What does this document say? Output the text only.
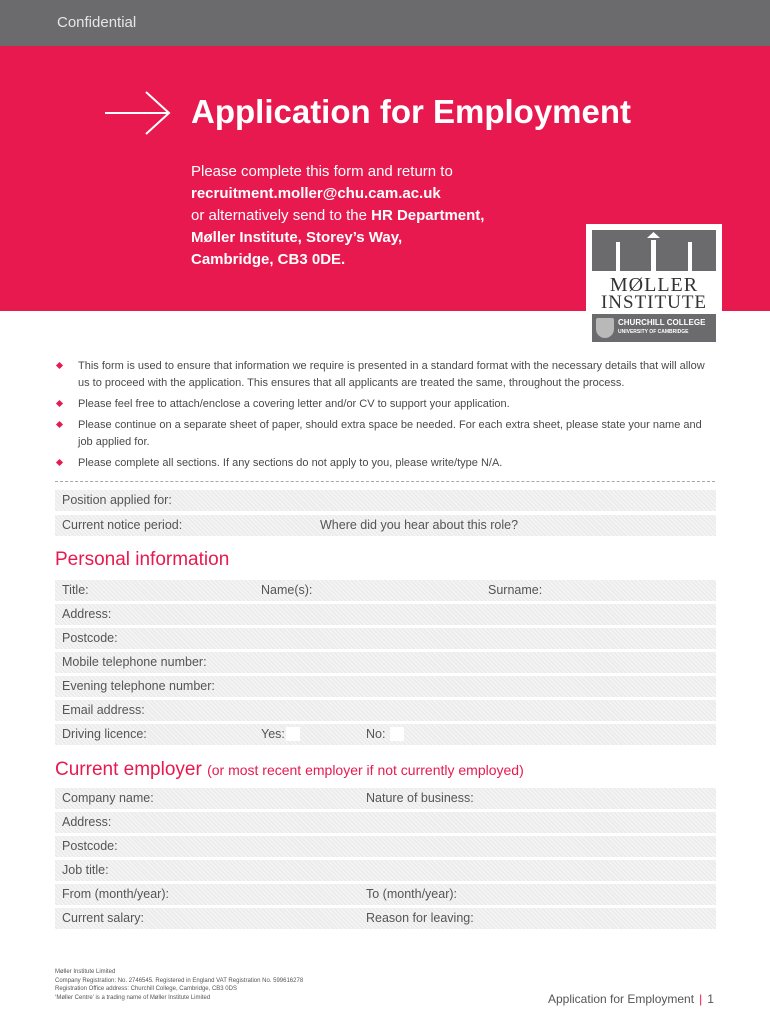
Confidential
Application for Employment
Please complete this form and return to
recruitment.moller@chu.cam.ac.uk
or alternatively send to the HR Department,
Møller Institute, Storey’s Way,
Cambridge, CB3 0DE.
MØLLER
INSTITUTE
CHURCHILL COLLEGE
UNIVERSITY OF CAMBRIDGE
This form is used to ensure that information we require is presented in a standard format with the necessary details that will allow us to proceed with the application. This ensures that all applicants are treated the same, throughout the process.
Please feel free to attach/enclose a covering letter and/or CV to support your application.
Please continue on a separate sheet of paper, should extra space be needed. For each extra sheet, please state your name and job applied for.
Please complete all sections. If any sections do not apply to you, please write/type N/A.
Position applied for:
Current notice period:	Where did you hear about this role?
Personal information
Title:	Name(s):	Surname:
Address:
Postcode:
Mobile telephone number:
Evening telephone number:
Email address:
Driving licence:	Yes:	No:
Current employer (or most recent employer if not currently employed)
Company name:	Nature of business:
Address:
Postcode:
Job title:
From (month/year):	To (month/year):
Current salary:	Reason for leaving:
Møller Institute Limited
Company Registration: No. 2746545. Registered in England VAT Registration No. 599616278
Registration Office address: Churchill College, Cambridge, CB3 0DS
‘Møller Centre’ is a trading name of Møller Institute Limited	Application for Employment | 1
